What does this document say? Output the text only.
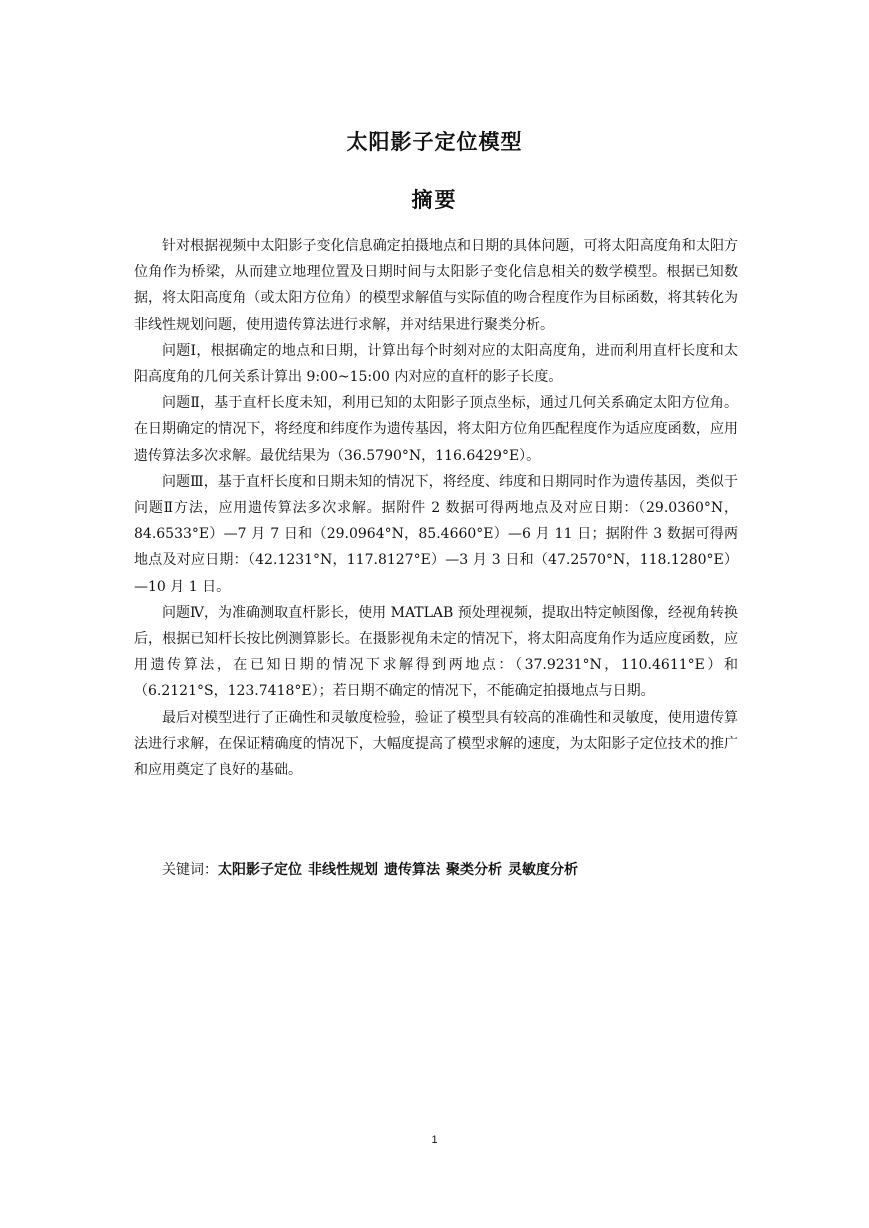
太阳影子定位模型
摘要

针对根据视频中太阳影子变化信息确定拍摄地点和日期的具体问题，可将太阳高度角和太阳方位角作为桥梁，从而建立地理位置及日期时间与太阳影子变化信息相关的数学模型。根据已知数据，将太阳高度角（或太阳方位角）的模型求解值与实际值的吻合程度作为目标函数，将其转化为非线性规划问题，使用遗传算法进行求解，并对结果进行聚类分析。

问题Ⅰ，根据确定的地点和日期，计算出每个时刻对应的太阳高度角，进而利用直杆长度和太阳高度角的几何关系计算出 9:00~15:00 内对应的直杆的影子长度。

问题Ⅱ，基于直杆长度未知，利用已知的太阳影子顶点坐标，通过几何关系确定太阳方位角。在日期确定的情况下，将经度和纬度作为遗传基因，将太阳方位角匹配程度作为适应度函数，应用遗传算法多次求解。最优结果为（36.5790°N，116.6429°E）。

问题Ⅲ，基于直杆长度和日期未知的情况下，将经度、纬度和日期同时作为遗传基因，类似于问题Ⅱ方法，应用遗传算法多次求解。据附件 2 数据可得两地点及对应日期：（29.0360°N，84.6533°E）—7 月 7 日和（29.0964°N，85.4660°E）—6 月 11 日；据附件 3 数据可得两地点及对应日期：（42.1231°N，117.8127°E）—3 月 3 日和（47.2570°N，118.1280°E）—10 月 1 日。

问题Ⅳ，为准确测取直杆影长，使用 MATLAB 预处理视频，提取出特定帧图像，经视角转换后，根据已知杆长按比例测算影长。在摄影视角未定的情况下，将太阳高度角作为适应度函数，应用遗传算法，在已知日期的情况下求解得到两地点：（37.9231°N，110.4611°E）和（6.2121°S，123.7418°E）；若日期不确定的情况下，不能确定拍摄地点与日期。

最后对模型进行了正确性和灵敏度检验，验证了模型具有较高的准确性和灵敏度，使用遗传算法进行求解，在保证精确度的情况下，大幅度提高了模型求解的速度，为太阳影子定位技术的推广和应用奠定了良好的基础。

关键词：太阳影子定位 非线性规划 遗传算法 聚类分析 灵敏度分析
1
